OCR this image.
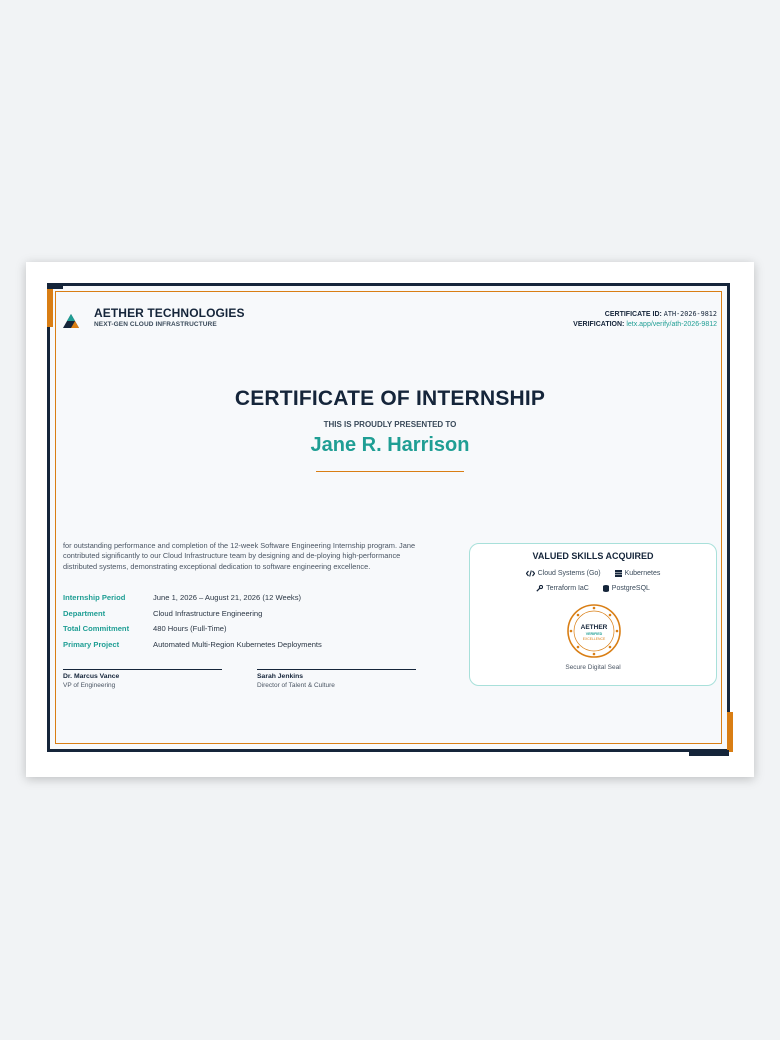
AETHER TECHNOLOGIES
NEXT-GEN CLOUD INFRASTRUCTURE
CERTIFICATE ID: ATH-2026-9812
VERIFICATION: letx.app/verify/ath-2026-9812
CERTIFICATE OF INTERNSHIP
THIS IS PROUDLY PRESENTED TO
Jane R. Harrison
for outstanding performance and completion of the 12-week Software Engineering Internship program. Jane contributed significantly to our Cloud Infrastructure team by designing and de-ploying high-performance distributed systems, demonstrating exceptional dedication to software engineering excellence.
Internship Period	June 1, 2026 – August 21, 2026 (12 Weeks)
Department	Cloud Infrastructure Engineering
Total Commitment	480 Hours (Full-Time)
Primary Project	Automated Multi-Region Kubernetes Deployments
Dr. Marcus Vance
VP of Engineering
Sarah Jenkins
Director of Talent & Culture
VALUED SKILLS ACQUIRED
Cloud Systems (Go)
	Kubernetes
Terraform IaC
	PostgreSQL
AETHER
VERIFIED
EXCELLENCE
Secure Digital Seal
